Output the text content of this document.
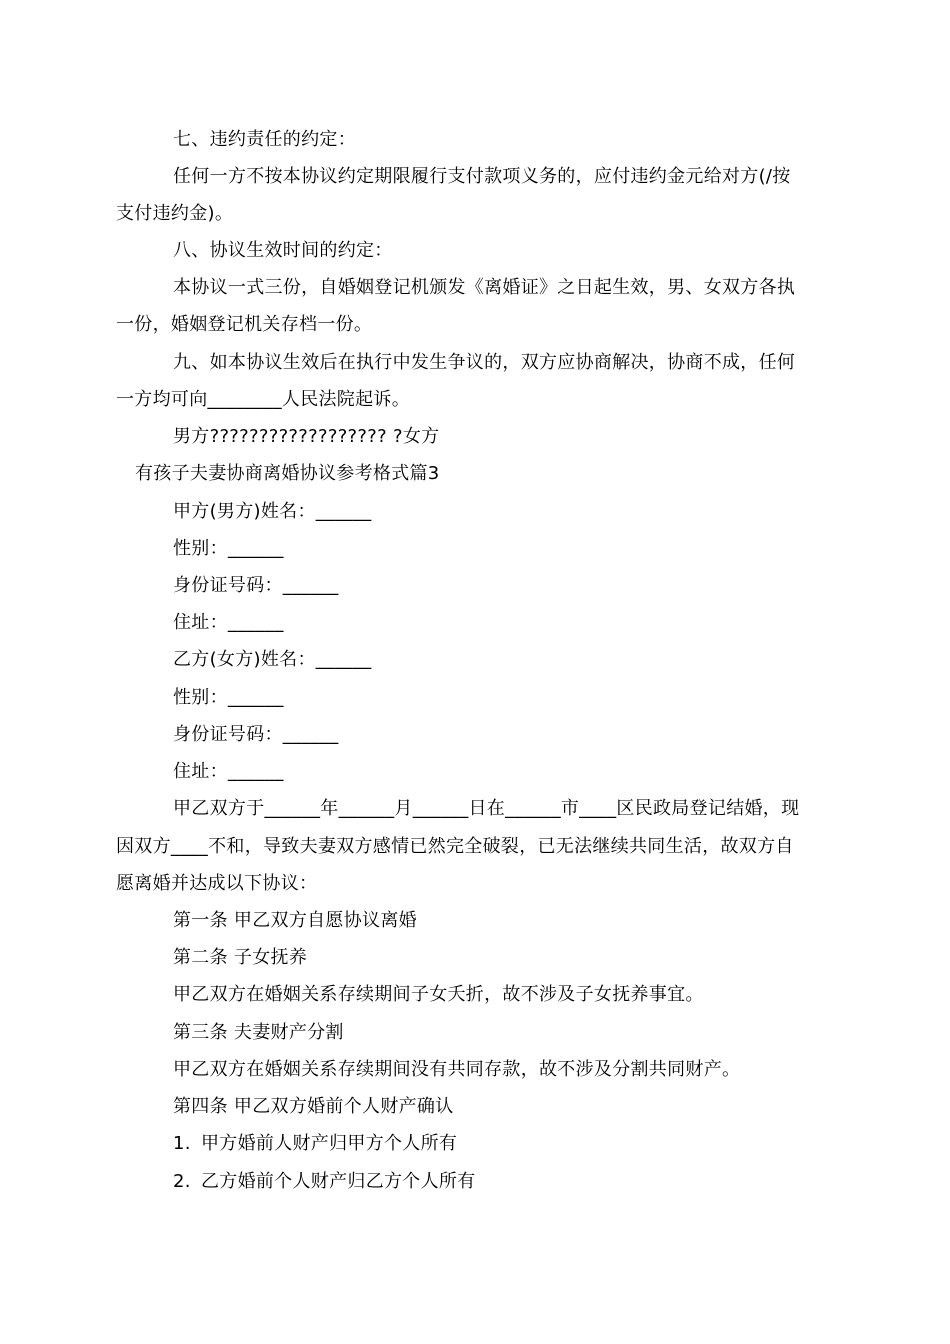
七、违约责任的约定：
任何一方不按本协议约定期限履行支付款项义务的，应付违约金元给对方(/按
支付违约金)。
八、协议生效时间的约定：
本协议一式三份，自婚姻登记机颁发《离婚证》之日起生效，男、女双方各执
一份，婚姻登记机关存档一份。
九、如本协议生效后在执行中发生争议的，双方应协商解决，协商不成，任何
一方均可向________人民法院起诉。
男方?????????????????? ?女方
有孩子夫妻协商离婚协议参考格式篇3
甲方(男方)姓名：______
性别：______
身份证号码：______
住址：______
乙方(女方)姓名：______
性别：______
身份证号码：______
住址：______
甲乙双方于______年______月______日在______市____区民政局登记结婚，现
因双方____不和，导致夫妻双方感情已然完全破裂，已无法继续共同生活，故双方自
愿离婚并达成以下协议：
第一条 甲乙双方自愿协议离婚
第二条 子女抚养
甲乙双方在婚姻关系存续期间子女夭折，故不涉及子女抚养事宜。
第三条 夫妻财产分割
甲乙双方在婚姻关系存续期间没有共同存款，故不涉及分割共同财产。
第四条 甲乙双方婚前个人财产确认
1. 甲方婚前人财产归甲方个人所有
2. 乙方婚前个人财产归乙方个人所有
